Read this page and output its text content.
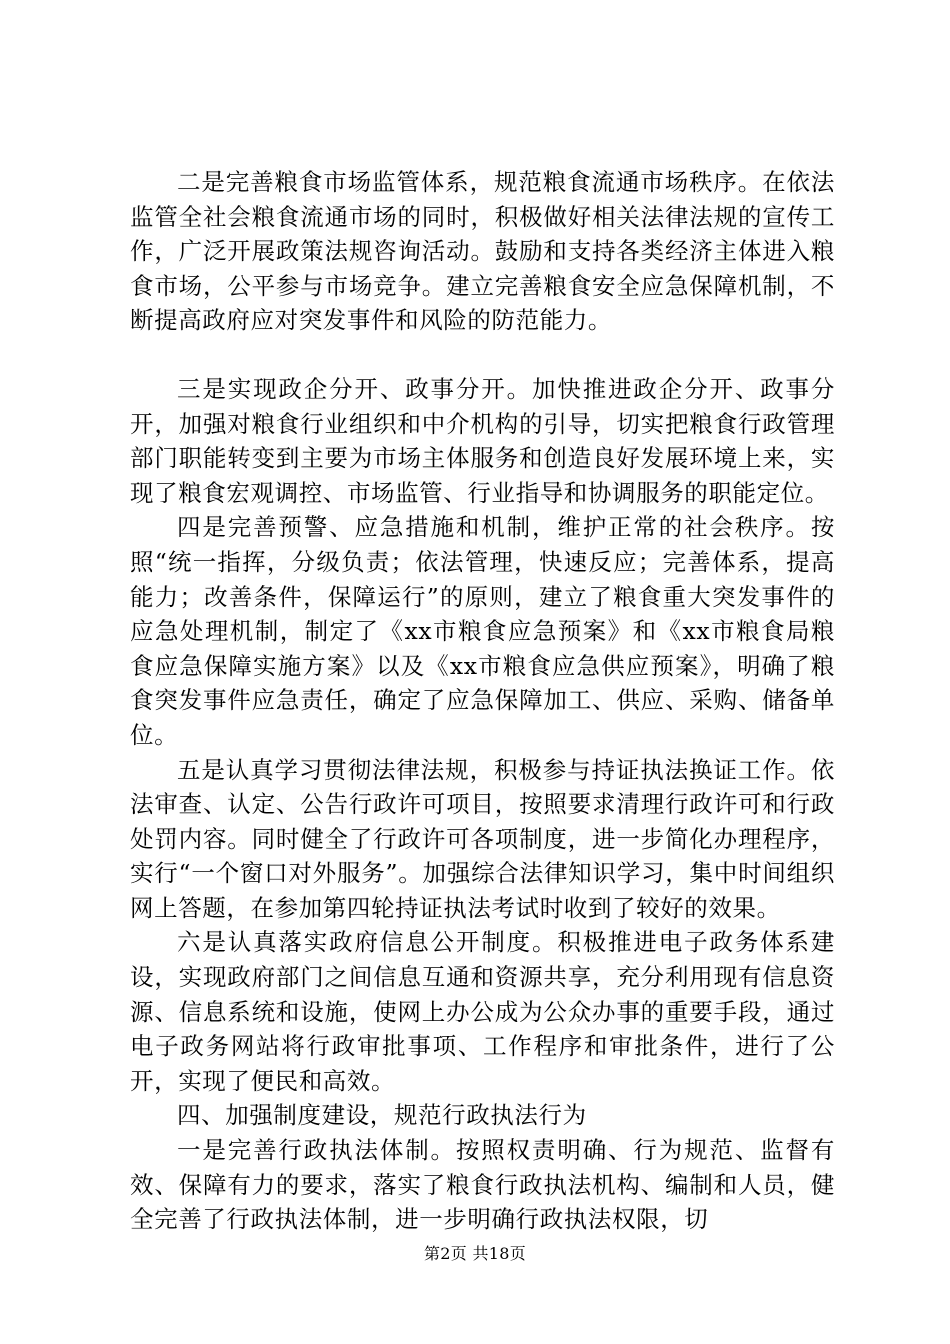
二是完善粮食市场监管体系，规范粮食流通市场秩序。在依法监管全社会粮食流通市场的同时，积极做好相关法律法规的宣传工作，广泛开展政策法规咨询活动。鼓励和支持各类经济主体进入粮食市场，公平参与市场竞争。建立完善粮食安全应急保障机制，不断提高政府应对突发事件和风险的防范能力。

三是实现政企分开、政事分开。加快推进政企分开、政事分开，加强对粮食行业组织和中介机构的引导，切实把粮食行政管理部门职能转变到主要为市场主体服务和创造良好发展环境上来，实现了粮食宏观调控、市场监管、行业指导和协调服务的职能定位。

四是完善预警、应急措施和机制，维护正常的社会秩序。按照“统一指挥，分级负责；依法管理，快速反应；完善体系，提高能力；改善条件，保障运行”的原则，建立了粮食重大突发事件的应急处理机制，制定了《xx市粮食应急预案》和《xx市粮食局粮食应急保障实施方案》以及《xx市粮食应急供应预案》，明确了粮食突发事件应急责任，确定了应急保障加工、供应、采购、储备单位。

五是认真学习贯彻法律法规，积极参与持证执法换证工作。依法审查、认定、公告行政许可项目，按照要求清理行政许可和行政处罚内容。同时健全了行政许可各项制度，进一步简化办理程序，实行“一个窗口对外服务”。加强综合法律知识学习，集中时间组织网上答题，在参加第四轮持证执法考试时收到了较好的效果。

六是认真落实政府信息公开制度。积极推进电子政务体系建设，实现政府部门之间信息互通和资源共享，充分利用现有信息资源、信息系统和设施，使网上办公成为公众办事的重要手段，通过电子政务网站将行政审批事项、工作程序和审批条件，进行了公开，实现了便民和高效。

四、加强制度建设，规范行政执法行为

一是完善行政执法体制。按照权责明确、行为规范、监督有效、保障有力的要求，落实了粮食行政执法机构、编制和人员，健全完善了行政执法体制，进一步明确行政执法权限，切

第2页 共18页
